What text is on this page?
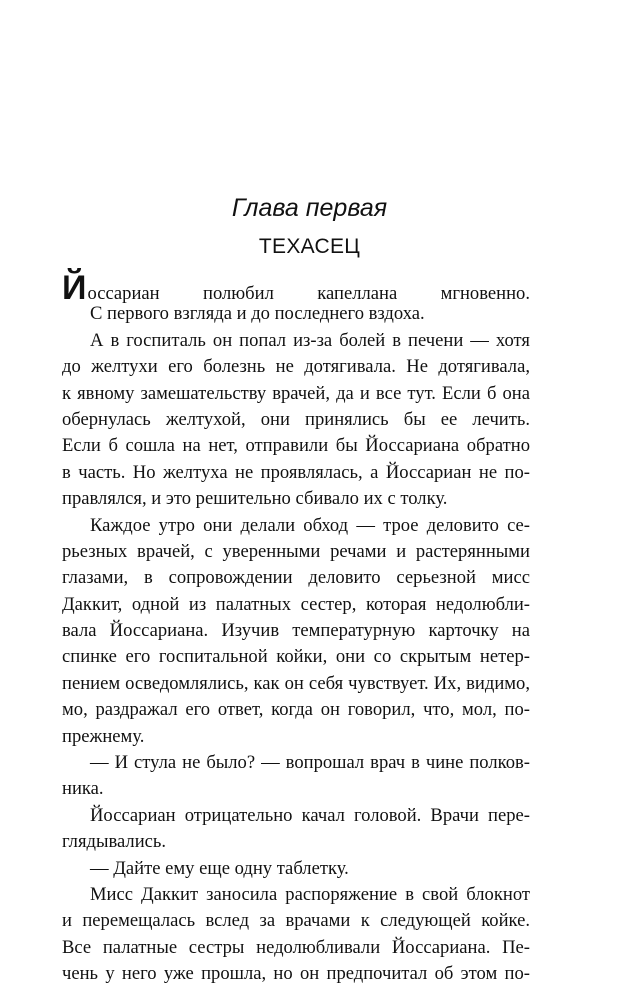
Глава первая
ТЕХАСЕЦ
Йоссариан полюбил капеллана мгновенно.
С первого взгляда и до последнего вздоха.
А в госпиталь он попал из-за болей в печени — хотя
до желтухи его болезнь не дотягивала. Не дотягивала,
к явному замешательству врачей, да и все тут. Если б она
обернулась желтухой, они принялись бы ее лечить.
Если б сошла на нет, отправили бы Йоссариана обратно
в часть. Но желтуха не проявлялась, а Йоссариан не по-
правлялся, и это решительно сбивало их с толку.
Каждое утро они делали обход — трое деловито се-
рьезных врачей, с уверенными речами и растерянными
глазами, в сопровождении деловито серьезной мисс
Даккит, одной из палатных сестер, которая недолюбли-
вала Йоссариана. Изучив температурную карточку на
спинке его госпитальной койки, они со скрытым нетер-
пением осведомлялись, как он себя чувствует. Их, видимо,
мо, раздражал его ответ, когда он говорил, что, мол, по-
прежнему.
— И стула не было? — вопрошал врач в чине полков-
ника.
Йоссариан отрицательно качал головой. Врачи пере-
глядывались.
— Дайте ему еще одну таблетку.
Мисс Даккит заносила распоряжение в свой блокнот
и перемещалась вслед за врачами к следующей койке.
Все палатные сестры недолюбливали Йоссариана. Пе-
чень у него уже прошла, но он предпочитал об этом по-
